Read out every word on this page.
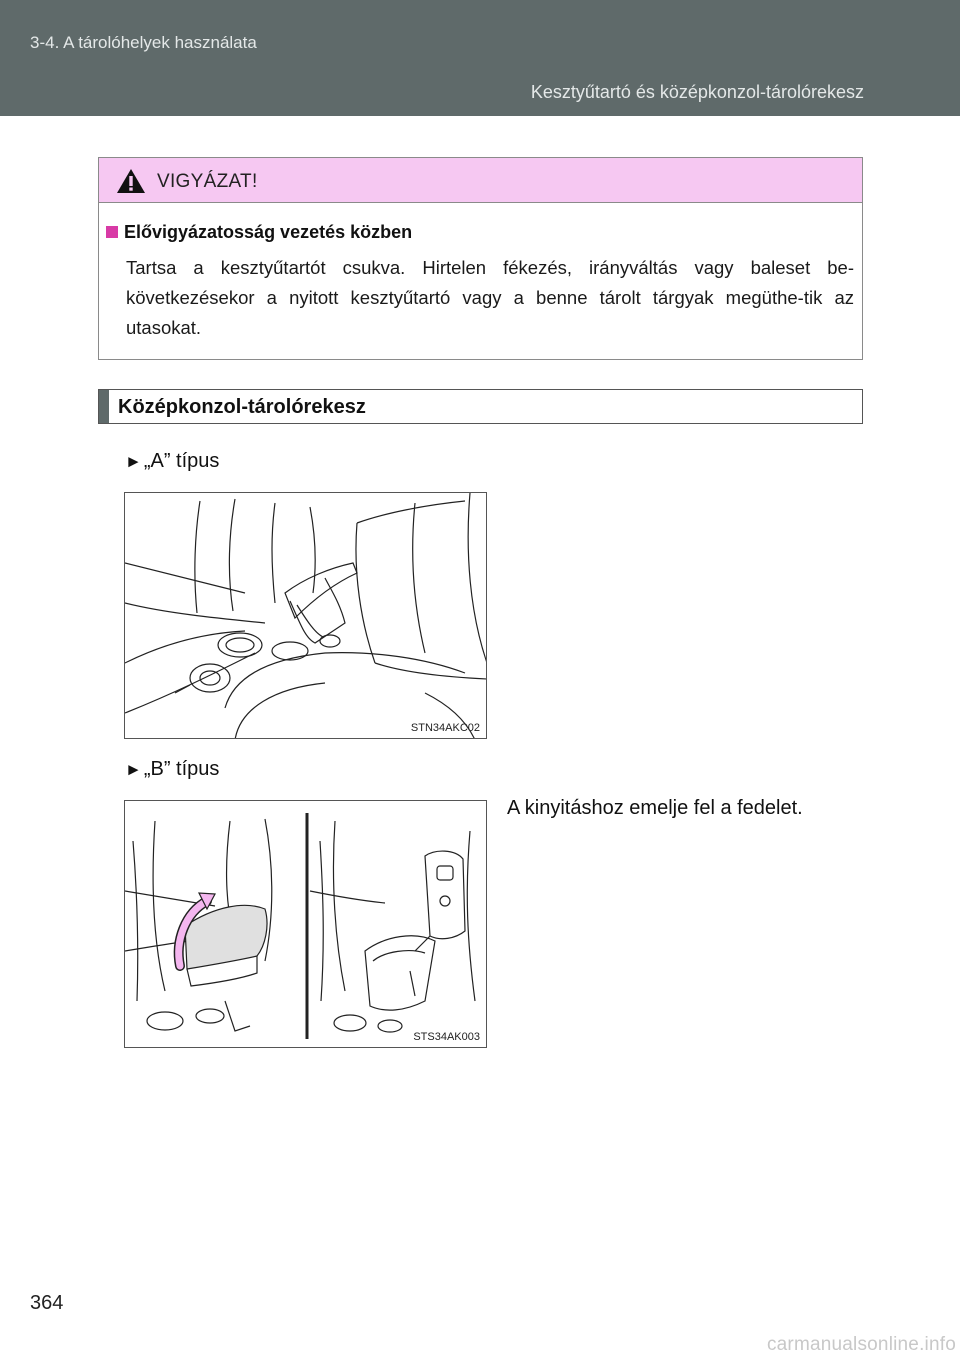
3-4. A tárolóhelyek használata
Kesztyűtartó és középkonzol-tárolórekesz
VIGYÁZAT!
Elővigyázatosság vezetés közben
Tartsa a kesztyűtartót csukva. Hirtelen fékezés, irányváltás vagy baleset be-következésekor a nyitott kesztyűtartó vagy a benne tárolt tárgyak megüthe-tik az utasokat.
Középkonzol-tárolórekesz
► „A” típus
STN34AKC02
► „B” típus
A kinyitáshoz emelje fel a fedelet.
STS34AK003
364
carmanualsonline.info
